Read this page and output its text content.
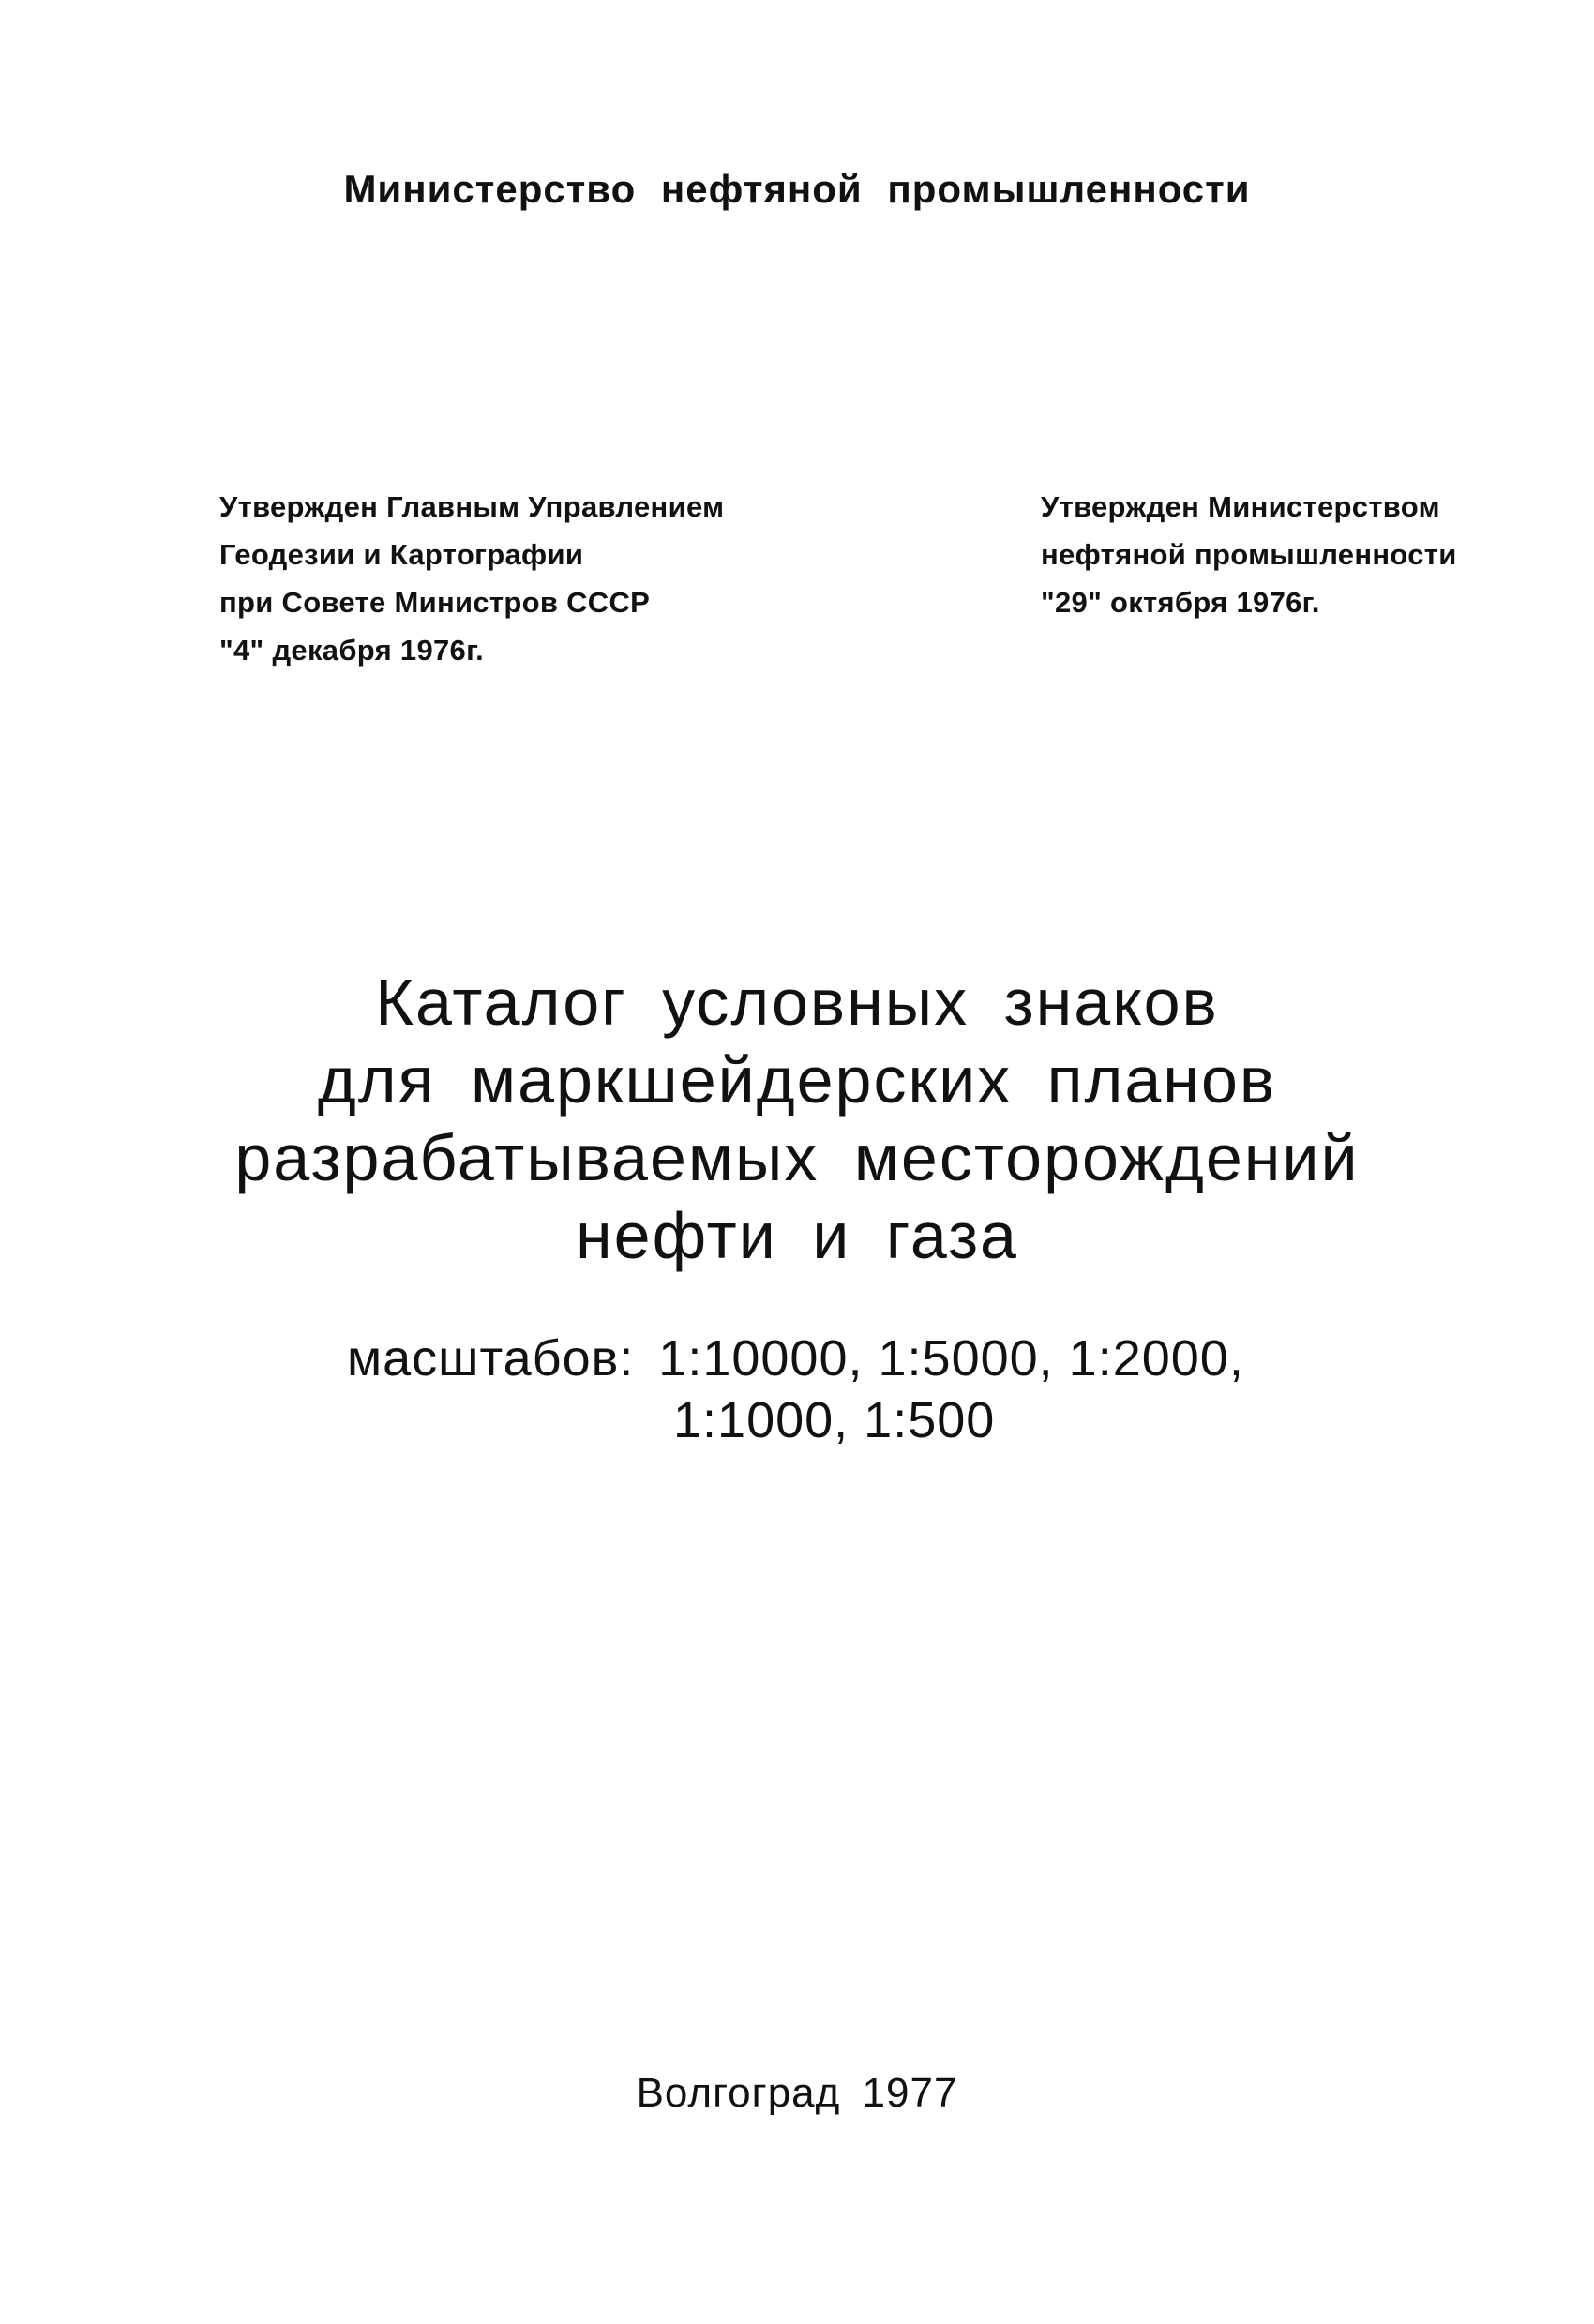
Министерство нефтяной промышленности
Утвержден Главным Управлением
Геодезии и Картографии
при Совете Министров СССР
"4" декабря 1976г.
Утвержден Министерством
нефтяной промышленности
"29" октября 1976г.
Каталог условных знаков
для маркшейдерских планов
разрабатываемых месторождений
нефти и газа
масштабов: 1:10000, 1:5000, 1:2000,
1:1000, 1:500
Волгоград 1977
